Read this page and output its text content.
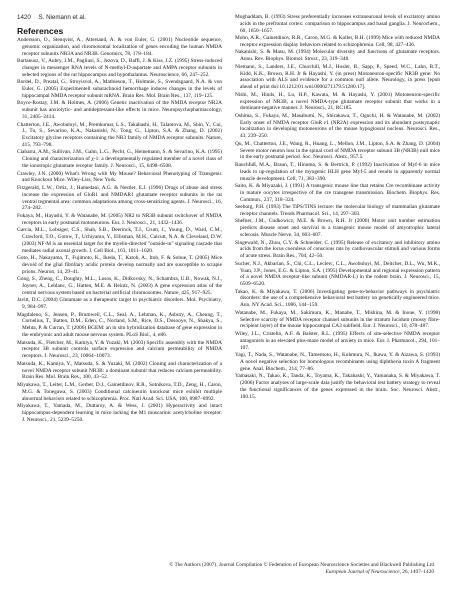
1420 S. Niemann et al.
References

Andersson, O., Stenqvist, A., Attersand, A. & von Euler, G. (2001) Nucleotide sequence, genomic organization, and chromosomal localization of genes encoding the human NMDA receptor subunits NR3A and NR3B. Genomics, 78, 178–184.

Bartanusz, V., Aubry, J.M., Pagliusi, S., Jezova, D., Baffi, J. & Kiss, J.Z. (1995) Stress-induced changes in messenger RNA levels of N-methyl-D-aspartate and AMPA receptor subunits in selected regions of the rat hippocampus and hypothalamus. Neuroscience, 66, 247–252.

Bordel, D., Preatal, G., Stroyisvol, A., Mathieson, T., Holmnie, S., Svendsgaard, N.A. & von Euler, G. (2005) Experimentell subarachnoid hemorrhage induces changes in the levels of hippocampal NMDA receptor subunit mRNA. Brain Res. Mol. Brain Res., 137, 119–125.

Boyce-Rustay, J.M. & Holmes, A. (2006) Genetic inactivation of the NMDA receptor NR2A subunit has anxiolytic- and antidepressant-like effects in mice. Neuropsychopharmacology, 31, 2405–2414.

Chatterton, J.E., Awobuluyi, M., Premkumar, L.S., Takahashi, H., Talantova, M., Shin, Y., Cui, J., Tu, S., Sevarino, K.A., Nakanishi, N., Tong, G., Lipton, S.A. & Zhang, D. (2002) Excitatory glycine receptors containing the NR3 family of NMDA receptor subunits. Nature, 415, 793–798.

Ciabarra, A.M., Sullivan, J.M., Gahn, L.G., Pecht, G., Heinemann, S. & Sevarino, K.A. (1995) Cloning and characterization of χ-1: a developmentally regulated member of a novel class of the ionotropic glutamate receptor family. J. Neurosci., 15, 6498–6508.

Crawley, J.N. (2000) What's Wrong with My Mouse? Behavioral Phenotyping of Transgenic and Knockout Mice. Wiley-Liss, New York.

Fitzgerald, L.W., Ortiz, J., Hamedani, A.G. & Nestler, E.J. (1996) Drugs of abuse and stress increase the expression of GluR1 and NMDAR1 glutamate receptor subunits in the rat ventral tegmental area: common adaptations among cross-sensitizing agents. J. Neurosci., 16, 274–282.

Fukaya, M., Hayashi, Y. & Watanabe, M. (2005) NR2 to NR3B subunit switchover of NMDA receptors in early postnatal motoneurons. Eur. J. Neurosci., 21, 1432–1436.

Garcia, M.L., Lobsiger, C.S., Shah, S.B., Deerinck, T.J., Crum, J., Young, D., Ward, C.M., Crawford, T.O., Gotow, T., Uchiyama, Y., Ellisman, M.H., Calcutt, N.A. & Cleveland, D.W. (2003) NF-M is an essential target for the myelin-directed "outside-in" signaling cascade that mediates radial axonal growth. J. Cell Biol., 163, 1011–1020.

Goto, H., Nakayama, T., Fujimoto, K., Ikeda, T., Katoh, A., Itoh, F. & Sobue, T. (2005) Mice devoid of the glial fibrillary acidic protein develop normally and are susceptible to scrapie prions. Neuron, 14, 29–41.

Gong, S., Zheng, C., Doughty, M.L., Losos, K., Didkovsky, N., Schambra, U.B., Nowak, N.J., Joyner, A., Leblanc, G., Hatten, M.E. & Heintz, N. (2003) A gene expression atlas of the central nervous system based on bacterial artificial chromosomes. Nature, 425, 917–925.

Javitt, D.C. (2004) Glutamate as a therapeutic target in psychiatric disorders. Mol. Psychiatry, 9, 984–997.

Magdaleno, S., Jensen, P., Brumwell, C.L., Seal, A., Lehman, K., Asbury, A., Cheung, T., Cornelius, T., Batten, D.M., Eden, C., Norland, S.M., Rice, D.S., Dosooye, N., Shakya, S., Mehta, P. & Curran, T. (2006) BGEM: an in situ hybridization database of gene expression in the embryonic and adult mouse nervous system. PLoS Biol., 4, e86.

Matsuda, K., Fletcher, M., Kamiya, Y. & Yuzaki, M. (2003) Specific assembly with the NMDA receptor 3B subunit controls surface expression and calcium permeability of NMDA receptors. J. Neurosci., 23, 10064–10073.

Matsuda, K., Kamiya, Y., Matsuda, S. & Yuzaki, M. (2002) Cloning and characterization of a novel NMDA receptor subunit NR3B: a dominant subunit that reduces calcium permeability. Brain Res. Mol. Brain Res., 100, 43–52.

Miyakawa, T., Leiter, L.M., Gerber, D.J., Gainetdinov, R.R., Sotnikova, T.D., Zeng, H., Caron, M.G. & Tonegawa, S. (2003) Conditional calcineurin knockout mice exhibit multiple abnormal behaviors related to schizophrenia. Proc. Natl Acad. Sci. USA, 100, 8987–8992.

Miyakawa, T., Yamada, M., Duttaroy, A. & Wess, J. (2001) Hyperactivity and intact hippocampus-dependent learning in mice lacking the M1 muscarinic acetylcholine receptor. J. Neurosci., 21, 5239–5250.

Moghaddam, B. (1993) Stress preferentially increases extraneuronal levels of excitatory amino acids in the prefrontal cortex: comparison to hippocampus and basal ganglia. J. Neurochem., 60, 1650–1657.

Mohn, A.R., Gainetdinov, R.R., Caron, M.G. & Koller, B.H. (1999) Mice with reduced NMDA receptor expression display behaviors related to schizophrenia. Cell, 98, 427–436.

Nakanishi, S. & Masu, M. (1994) Molecular diversity and functions of glutamate receptors. Annu. Rev. Biophys. Biomol. Struct., 23, 319–348.

Niemann, S., Landers, J.E., Churchill, M.J., Hosler, B., Sapp, P., Speed, W.C., Lahn, B.T., Kidd, K.K., Brown, R.H. Jr & Hayashi, Y. (in press) Motoneuron-specific NR3B gene: No association with ALS and evidence for a common null allele. Neurology, in press [epub ahead of print doi:10.1212/01.wnl.0000271379.51280.17].

Nishi, M., Hinds, H., Lu, H.P., Kawata, M. & Hayashi, Y. (2001) Motoneuron-specific expression of NR3B, a novel NMDA-type glutamate receptor subunit that works in a dominant-negative manner. J. Neurosci., 21, RC185.

Oshima, S., Fukaya, M., Masabumi, N., Shirakawa, T., Oguchi, H. & Watanabe, M. (2002) Early onset of NMDA receptor GluR ε1 (NR2A) expression and its abundant postsynaptic localization in developing motoneurons of the mouse hypoglossal nucleus. Neurosci. Res., 43, 239–250.

Qu, M., Chatterton, J.E., Wang, R., Huang, L., Mellon, J.M., Lipton, S.A. & Zhang, D. (2004) Severe motor neuron loss in the spinal cord of NMDA receptor subunit 3B (NR3B) null mice in the early postnatal period. Soc. Neurosci. Abstr., 957.5.

Rauchfuß, M.A., Braun, T., Hinuma, S. & Bertrich, P. (1992) Inactivation of Myf-6 in mice leads to up-regulation of the myogenic HLH gene Myf-5 and results in apparently normal muscle development. Cell, 71, 383–390.

Saito, K. & Miyazaki, J. (1991) A transgenic mouse line that retains Cre recombinase activity in mature oocytes irrespective of the cre transgene transmission. Biochem. Biophys. Res. Commun., 237, 318–324.

Seeburg, P.H. (1993) The TiPS/TINS lecture: the molecular biology of mammalian glutamate receptor channels. Trends Pharmacol. Sci., 14, 297–303.

Shefner, J.M., Cudkowicz, M.E. & Brown, R.H. Jr (2006) Motor unit number estimation predicts disease onset and survival in a transgenic mouse model of amyotrophic lateral sclerosis. Muscle Nerve, 34, 603–607.

Singewald, N., Zhou, G.Y. & Schneider, C. (1995) Release of excitatory and inhibitory amino acids from the locus coeruleus of conscious rats by cardiovascular stimuli and various forms of acute stress. Brain Res., 704, 42–50.

Sucher, N.J., Akbarian, S., Chi, C.L., Leclerc, C.L., Awobuluyi, M., Deitcher, D.L., Wu, M.K., Yuan, J.P., Jones, E.G. & Lipton, S.A. (1995) Developmental and regional expression pattern of a novel NMDA receptor-like subunit (NMDAR-L) in the rodent brain. J. Neurosci., 15, 6509–6520.

Takao, K. & Miyakawa, T. (2006) Investigating gene-to-behavior pathways in psychiatric disorders: the use of a comprehensive behavioral test battery on genetically engineered mice. Ann. NY Acad. Sci., 1086, 144–159.

Watanabe, M., Fukaya, M., Sakimura, K., Manabe, T., Mishina, M. & Inoue, Y. (1998) Selective scarcity of NMDA receptor channel subunits in the stratum lucidum (mossy fibre-recipient layer) of the mouse hippocampal CA3 subfield. Eur. J. Neurosci., 10, 478–487.

Wiley, J.L., Cristello, A.F. & Balster, R.L. (1995) Effects of site-selective NMDA receptor antagonists in an elevated plus-maze model of anxiety in mice. Eur. J. Pharmacol., 294, 101–107.

Yagi, T., Nada, S., Watanabe, N., Tamemoto, H., Kohmura, N., Ikawa, Y. & Aizawa, S. (1993) A novel negative selection for homologous recombinants using diphtheria toxin A fragment gene. Anal. Biochem., 214, 77–86.

Yamasaki, N., Takao, K., Tanda, K., Toyama, K., Takahashi, Y., Yamanaka, S. & Miyakawa, T. (2006) Factor analyses of large-scale data justify the behavioral test battery strategy to reveal the functional significances of the genes expressed in the brain. Soc. Neurosci. Abstr., 100.15.

© The Authors (2007). Journal Compilation © Federation of European Neuroscience Societies and Blackwell Publishing Ltd
European Journal of Neuroscience, 26, 1407–1420
